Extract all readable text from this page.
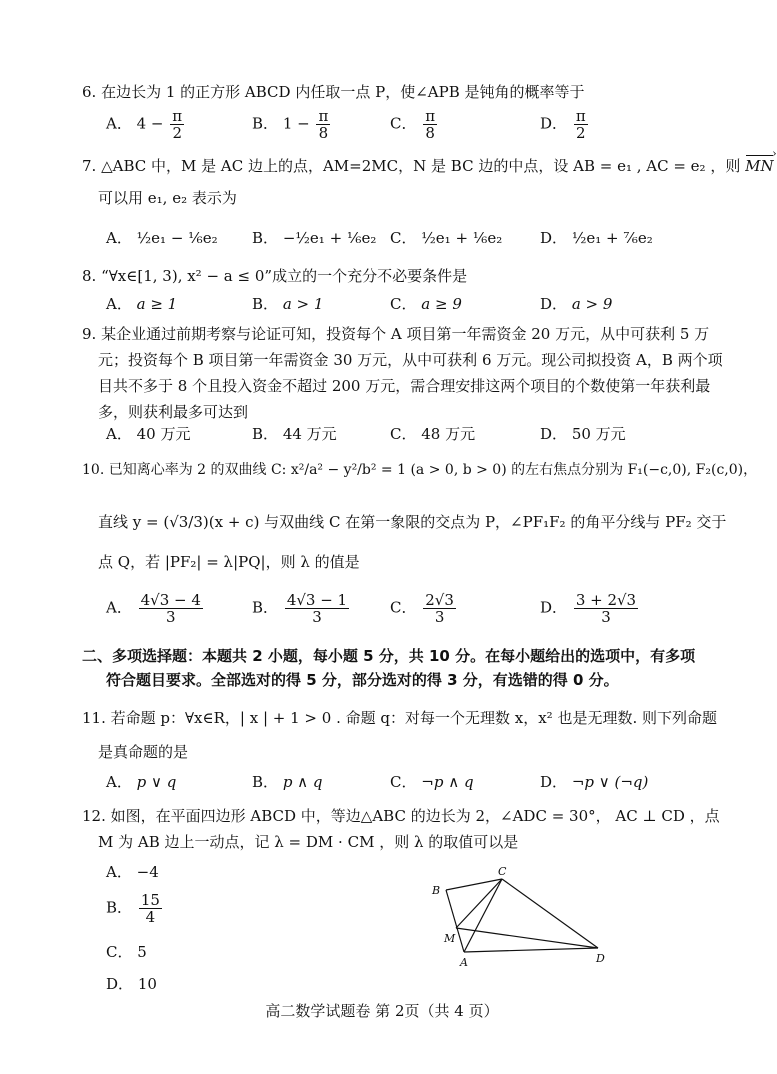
6. 在边长为 1 的正方形 ABCD 内任取一点 P，使∠APB 是钝角的概率等于
A． $4 - \frac{\pi}{2}$	B． $1 - \frac{\pi}{8}$	C． $\frac{\pi}{8}$	D． $\frac{\pi}{2}$
7. △ABC 中，M 是 AC 边上的点，AM=2MC，N 是 BC 边的中点，设 AB = e₁ , AC = e₂ ，则 MN ›
可以用 e₁, e₂ 表示为
A． ½e₁ − ⅙e₂ B． −½e₁ + ⅙e₂ C． ½e₁ + ⅙e₂	D． ½e₁ + ⁷⁄₆e₂
8. “∀x∈[1, 3), x² − a ≤ 0”成立的一个充分不必要条件是
A． a ≥ 1	B． a > 1	C． a ≥ 9	D． a > 9
9. 某企业通过前期考察与论证可知，投资每个 A 项目第一年需资金 20 万元，从中可获利 5 万
元；投资每个 B 项目第一年需资金 30 万元，从中可获利 6 万元。现公司拟投资 A，B 两个项
目共不多于 8 个且投入资金不超过 200 万元，需合理安排这两个项目的个数使第一年获利最
多，则获利最多可达到
A． 40 万元	B． 44 万元	C． 48 万元	D． 50 万元
10. 已知离心率为 2 的双曲线 C: x²/a² − y²/b² = 1 (a > 0, b > 0) 的左右焦点分别为 F₁(−c,0), F₂(c,0)，
直线 y = (√3/3)(x + c) 与双曲线 C 在第一象限的交点为 P，∠PF₁F₂ 的角平分线与 PF₂ 交于
点 Q，若 |PF₂| = λ|PQ|，则 λ 的值是
A． $\frac{4√3 - 4}{3}$	B． $\frac{4√3 - 1}{3}$	C． $\frac{2√3}{3}$	D． $\frac{3 + 2√3}{3}$
二、多项选择题：本题共 2 小题，每小题 5 分，共 10 分。在每小题给出的选项中，有多项
符合题目要求。全部选对的得 5 分，部分选对的得 3 分，有选错的得 0 分。
11. 若命题 p：∀x∈R，| x | + 1 > 0 . 命题 q：对每一个无理数 x，x² 也是无理数. 则下列命题
是真命题的是
A． p ∨ q	B． p ∧ q	C． ¬p ∧ q	D． ¬p ∨ (¬q)
12. 如图，在平面四边形 ABCD 中，等边△ABC 的边长为 2，∠ADC = 30°， AC ⊥ CD ，点
M 为 AB 边上一动点，记 λ = DM · CM ，则 λ 的取值可以是
A． −4
B． $\frac{15}{4}$
C． 5
D． 10
B
C
M
A	D
高二数学试题卷 第 2页（共 4 页）
